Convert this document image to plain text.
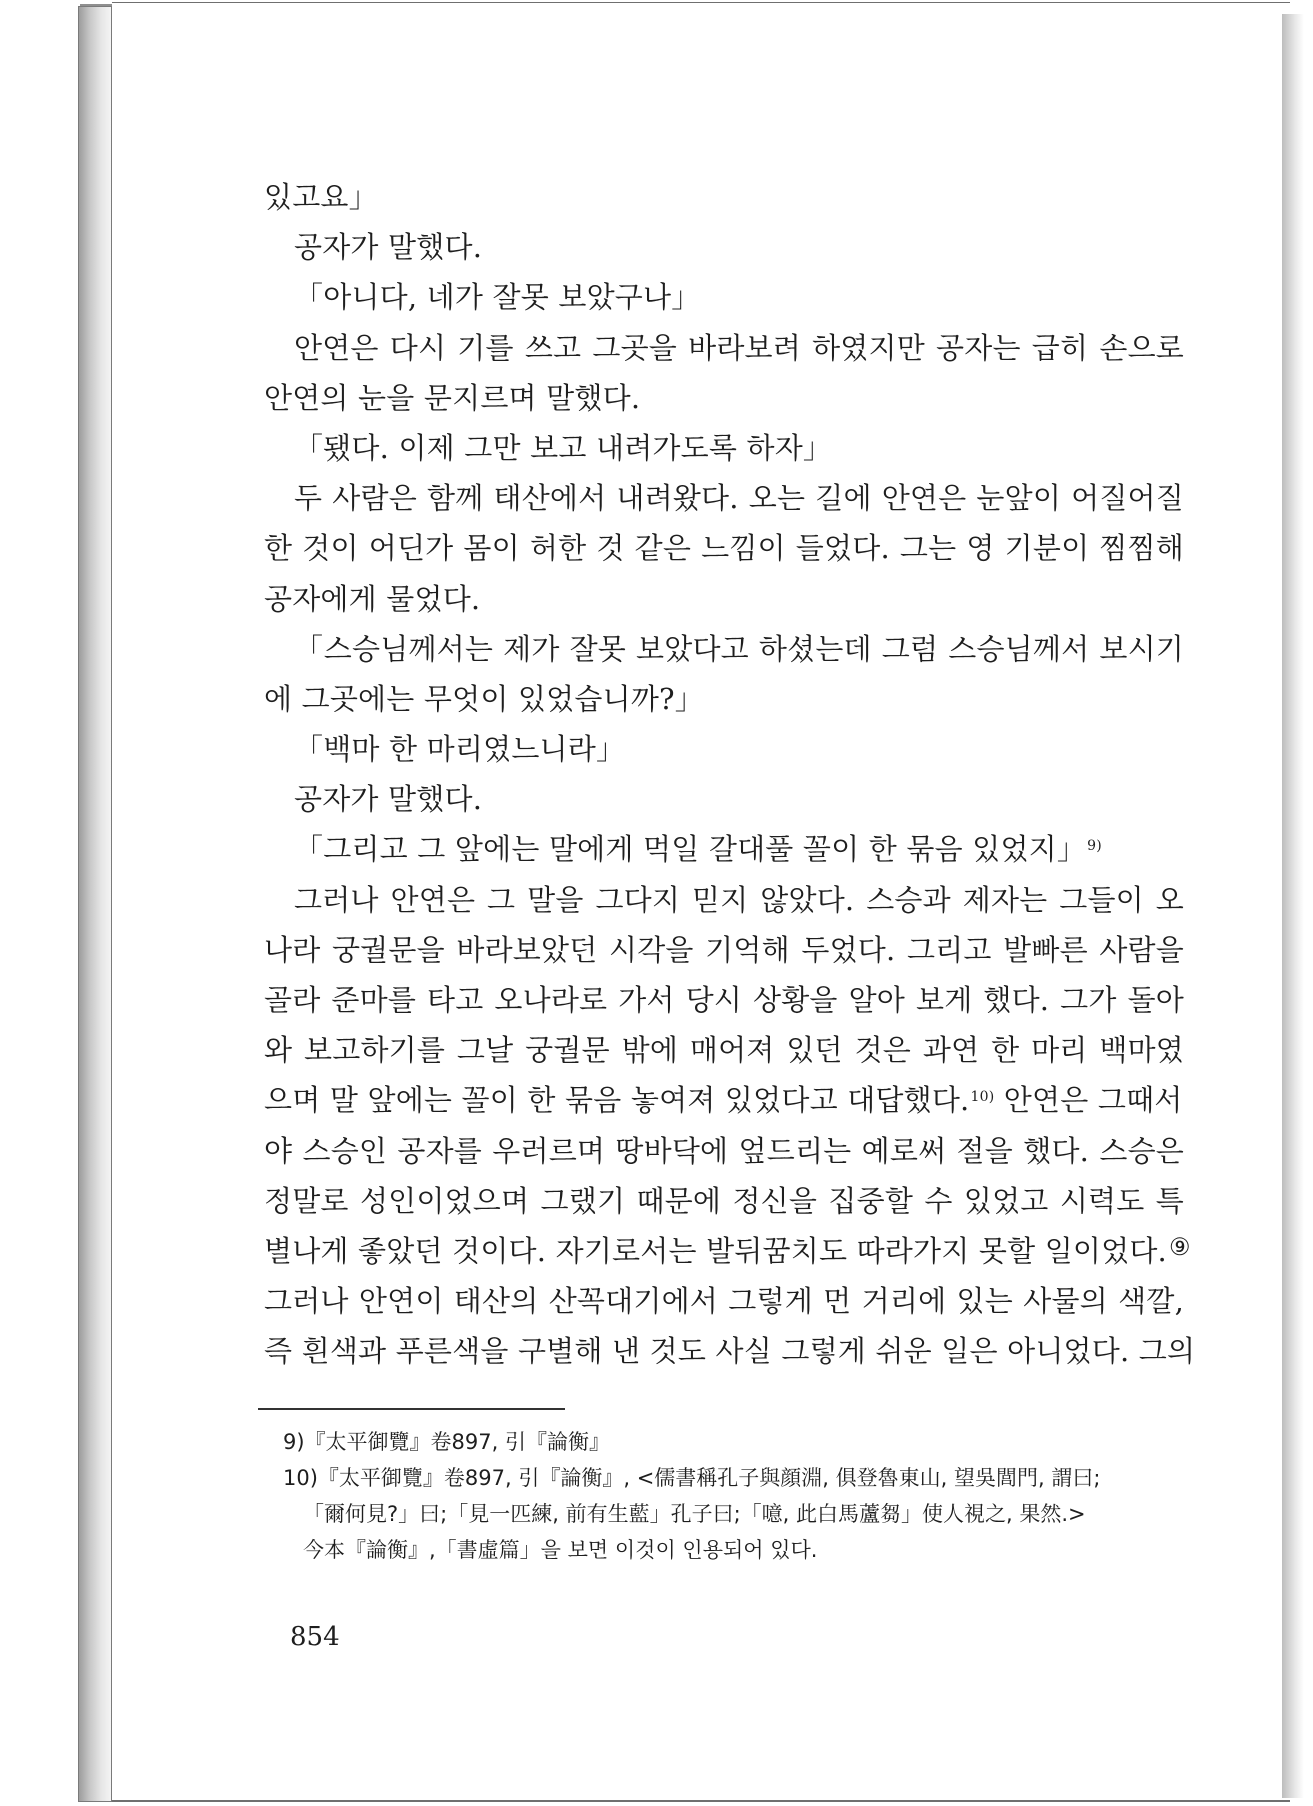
있고요」
공자가 말했다.
「아니다, 네가 잘못 보았구나」
안연은 다시 기를 쓰고 그곳을 바라보려 하였지만 공자는 급히 손으로
안연의 눈을 문지르며 말했다.
「됐다. 이제 그만 보고 내려가도록 하자」
두 사람은 함께 태산에서 내려왔다. 오는 길에 안연은 눈앞이 어질어질
한 것이 어딘가 몸이 허한 것 같은 느낌이 들었다. 그는 영 기분이 찜찜해
공자에게 물었다.
「스승님께서는 제가 잘못 보았다고 하셨는데 그럼 스승님께서 보시기
에 그곳에는 무엇이 있었습니까?」
「백마 한 마리였느니라」
공자가 말했다.
「그리고 그 앞에는 말에게 먹일 갈대풀 꼴이 한 묶음 있었지」$^{9)}$
그러나 안연은 그 말을 그다지 믿지 않았다. 스승과 제자는 그들이 오
나라 궁궐문을 바라보았던 시각을 기억해 두었다. 그리고 발빠른 사람을
골라 준마를 타고 오나라로 가서 당시 상황을 알아 보게 했다. 그가 돌아
와 보고하기를 그날 궁궐문 밖에 매어져 있던 것은 과연 한 마리 백마였
으며 말 앞에는 꼴이 한 묶음 놓여져 있었다고 대답했다.$^{10)}$ 안연은 그때서
야 스승인 공자를 우러르며 땅바닥에 엎드리는 예로써 절을 했다. 스승은
정말로 성인이었으며 그랬기 때문에 정신을 집중할 수 있었고 시력도 특
별나게 좋았던 것이다. 자기로서는 발뒤꿈치도 따라가지 못할 일이었다.⑨
그러나 안연이 태산의 산꼭대기에서 그렇게 먼 거리에 있는 사물의 색깔,
즉 흰색과 푸른색을 구별해 낸 것도 사실 그렇게 쉬운 일은 아니었다. 그의
9)『太平御覽』卷897, 引『論衡』
10)『太平御覽』卷897, 引『論衡』, <儒書稱孔子與顔淵, 俱登魯東山, 望吳閭門, 謂曰;
「爾何見?」曰;「見一匹練, 前有生藍」孔子曰;「噫, 此白馬蘆芻」使人視之, 果然.>
今本『論衡』,「書虛篇」을 보면 이것이 인용되어 있다.
854
